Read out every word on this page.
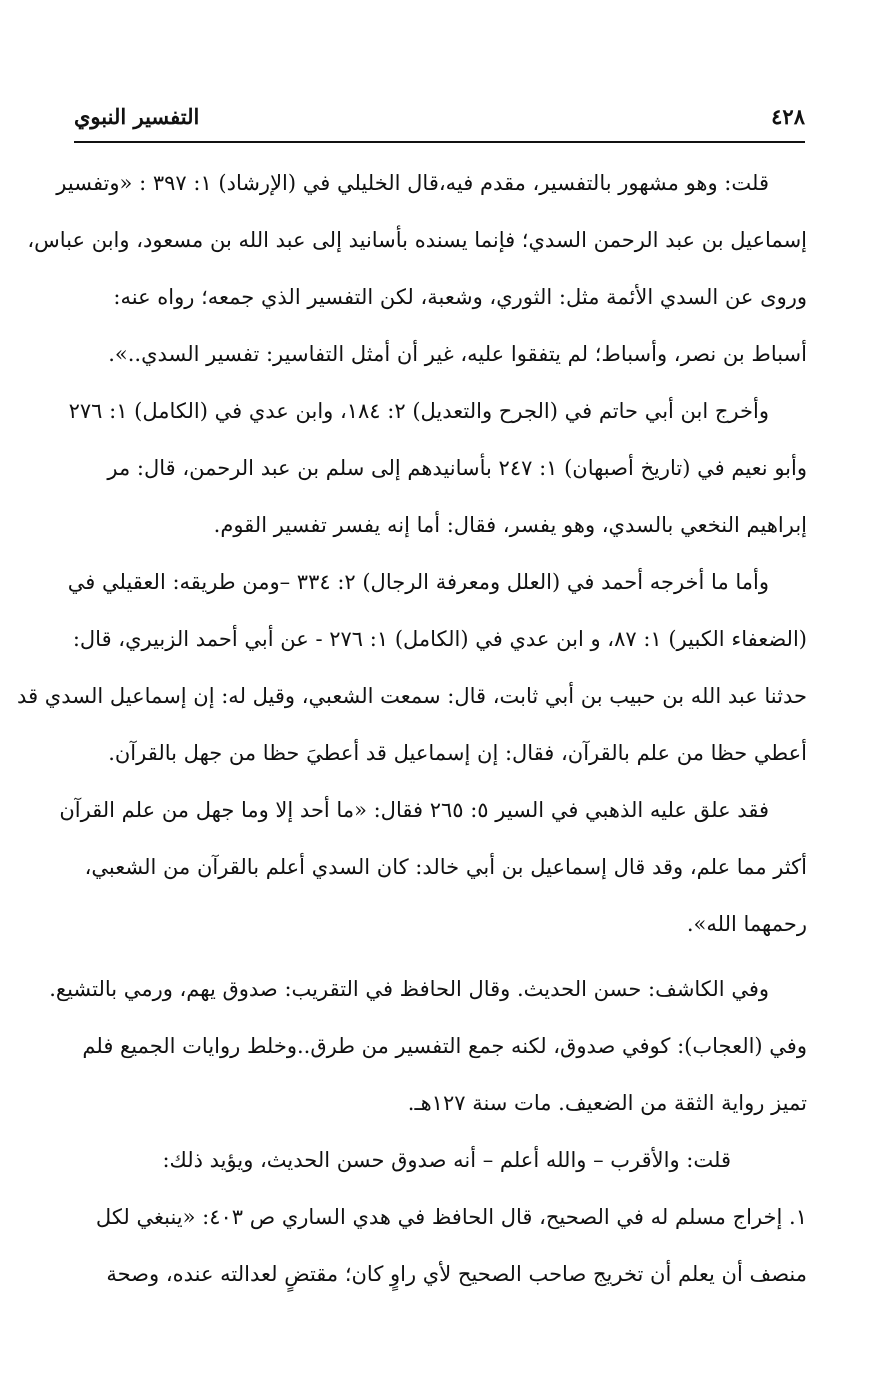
٤٢٨
التفسير النبوي
قلت: وهو مشهور بالتفسير، مقدم فيه،قال الخليلي في (الإرشاد) ١: ٣٩٧ : «وتفسير
إسماعيل بن عبد الرحمن السدي؛ فإنما يسنده بأسانيد إلى عبد الله بن مسعود، وابن عباس،
وروى عن السدي الأئمة مثل: الثوري، وشعبة، لكن التفسير الذي جمعه؛ رواه عنه:
أسباط بن نصر، وأسباط؛ لم يتفقوا عليه، غير أن أمثل التفاسير: تفسير السدي..».
وأخرج ابن أبي حاتم في (الجرح والتعديل) ٢: ١٨٤، وابن عدي في (الكامل) ١: ٢٧٦
وأبو نعيم في (تاريخ أصبهان) ١: ٢٤٧ بأسانيدهم إلى سلم بن عبد الرحمن، قال: مر
إبراهيم النخعي بالسدي، وهو يفسر، فقال: أما إنه يفسر تفسير القوم.
وأما ما أخرجه أحمد في (العلل ومعرفة الرجال) ٢: ٣٣٤ –ومن طريقه: العقيلي في
(الضعفاء الكبير) ١: ٨٧، و ابن عدي في (الكامل) ١: ٢٧٦ - عن أبي أحمد الزبيري، قال:
حدثنا عبد الله بن حبيب بن أبي ثابت، قال: سمعت الشعبي، وقيل له: إن إسماعيل السدي قد
أعطي حظا من علم بالقرآن، فقال: إن إسماعيل قد أعطيَ حظا من جهل بالقرآن.
فقد علق عليه الذهبي في السير ٥: ٢٦٥ فقال: «ما أحد إلا وما جهل من علم القرآن
أكثر مما علم، وقد قال إسماعيل بن أبي خالد: كان السدي أعلم بالقرآن من الشعبي،
رحمهما الله».
وفي الكاشف: حسن الحديث. وقال الحافظ في التقريب: صدوق يهم، ورمي بالتشيع.
وفي (العجاب): كوفي صدوق، لكنه جمع التفسير من طرق..وخلط روايات الجميع فلم
تميز رواية الثقة من الضعيف. مات سنة ١٢٧هـ.
قلت: والأقرب – والله أعلم – أنه صدوق حسن الحديث، ويؤيد ذلك:
١. إخراج مسلم له في الصحيح، قال الحافظ في هدي الساري ص ٤٠٣: «ينبغي لكل
منصف أن يعلم أن تخريج صاحب الصحيح لأي راوٍ كان؛ مقتضٍ لعدالته عنده، وصحة
